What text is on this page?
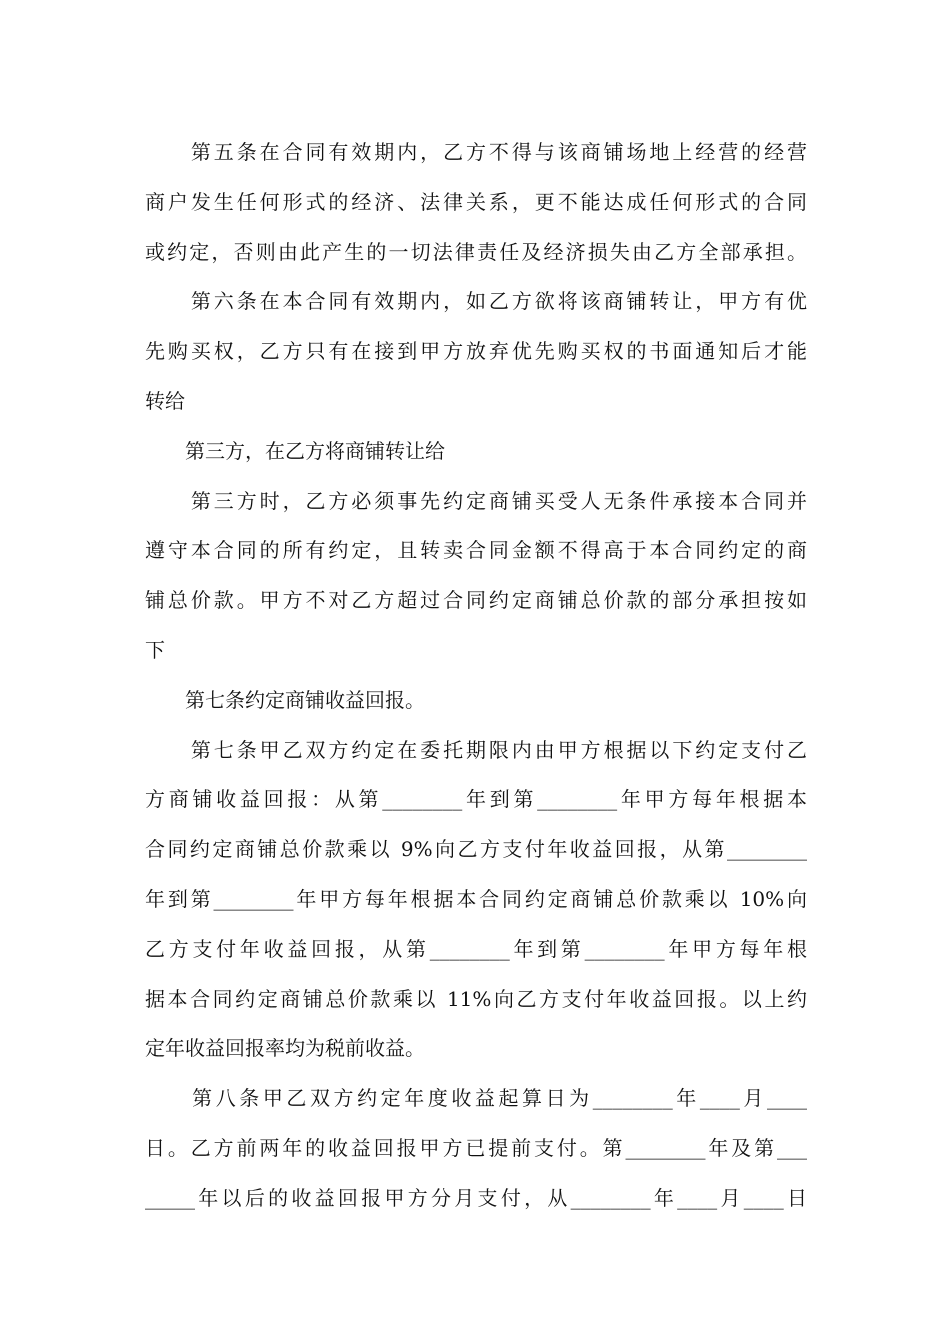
　　第五条在合同有效期内，乙方不得与该商铺场地上经营的经营
商户发生任何形式的经济、法律关系，更不能达成任何形式的合同
或约定，否则由此产生的一切法律责任及经济损失由乙方全部承担。
　　第六条在本合同有效期内，如乙方欲将该商铺转让，甲方有优
先购买权，乙方只有在接到甲方放弃优先购买权的书面通知后才能
转给
　　第三方，在乙方将商铺转让给
　　第三方时，乙方必须事先约定商铺买受人无条件承接本合同并
遵守本合同的所有约定，且转卖合同金额不得高于本合同约定的商
铺总价款。甲方不对乙方超过合同约定商铺总价款的部分承担按如
下
　　第七条约定商铺收益回报。
　　第七条甲乙双方约定在委托期限内由甲方根据以下约定支付乙
方商铺收益回报：从第________年到第________年甲方每年根据本
合同约定商铺总价款乘以 9%向乙方支付年收益回报，从第________
年到第________年甲方每年根据本合同约定商铺总价款乘以 10%向
乙方支付年收益回报，从第________年到第________年甲方每年根
据本合同约定商铺总价款乘以 11%向乙方支付年收益回报。以上约
定年收益回报率均为税前收益。
　　第八条甲乙双方约定年度收益起算日为________年____月____
日。乙方前两年的收益回报甲方已提前支付。第________年及第___
_____年以后的收益回报甲方分月支付，从________年____月____日
